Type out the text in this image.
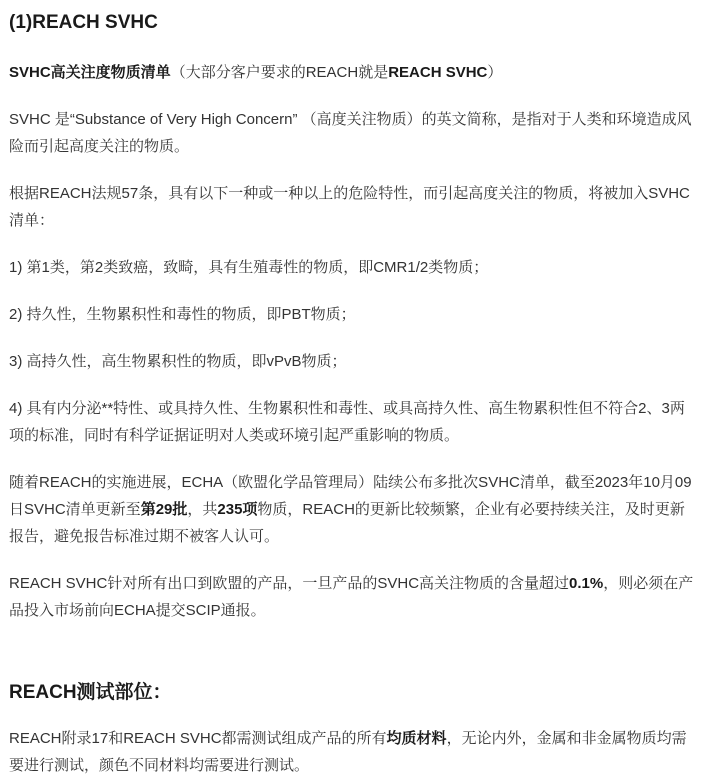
(1)REACH SVHC

SVHC高关注度物质清单（大部分客户要求的REACH就是REACH SVHC）

SVHC 是“Substance of Very High Concern” （高度关注物质）的英文简称，是指对于人类和环境造成风险而引起高度关注的物质。

根据REACH法规57条，具有以下一种或一种以上的危险特性，而引起高度关注的物质，将被加入SVHC清单：

1) 第1类，第2类致癌，致畸，具有生殖毒性的物质，即CMR1/2类物质；

2) 持久性，生物累积性和毒性的物质，即PBT物质；

3) 高持久性，高生物累积性的物质，即vPvB物质；

4) 具有内分泌**特性、或具持久性、生物累积性和毒性、或具高持久性、高生物累积性但不符合2、3两项的标准，同时有科学证据证明对人类或环境引起严重影响的物质。

随着REACH的实施进展，ECHA（欧盟化学品管理局）陆续公布多批次SVHC清单，截至2023年10月09日SVHC清单更新至第29批，共235项物质，REACH的更新比较频繁，企业有必要持续关注，及时更新报告，避免报告标准过期不被客人认可。

REACH SVHC针对所有出口到欧盟的产品，一旦产品的SVHC高关注物质的含量超过0.1%，则必须在产品投入市场前向ECHA提交SCIP通报。

REACH测试部位：

REACH附录17和REACH SVHC都需测试组成产品的所有均质材料，无论内外，金属和非金属物质均需要进行测试，颜色不同材料均需要进行测试。
